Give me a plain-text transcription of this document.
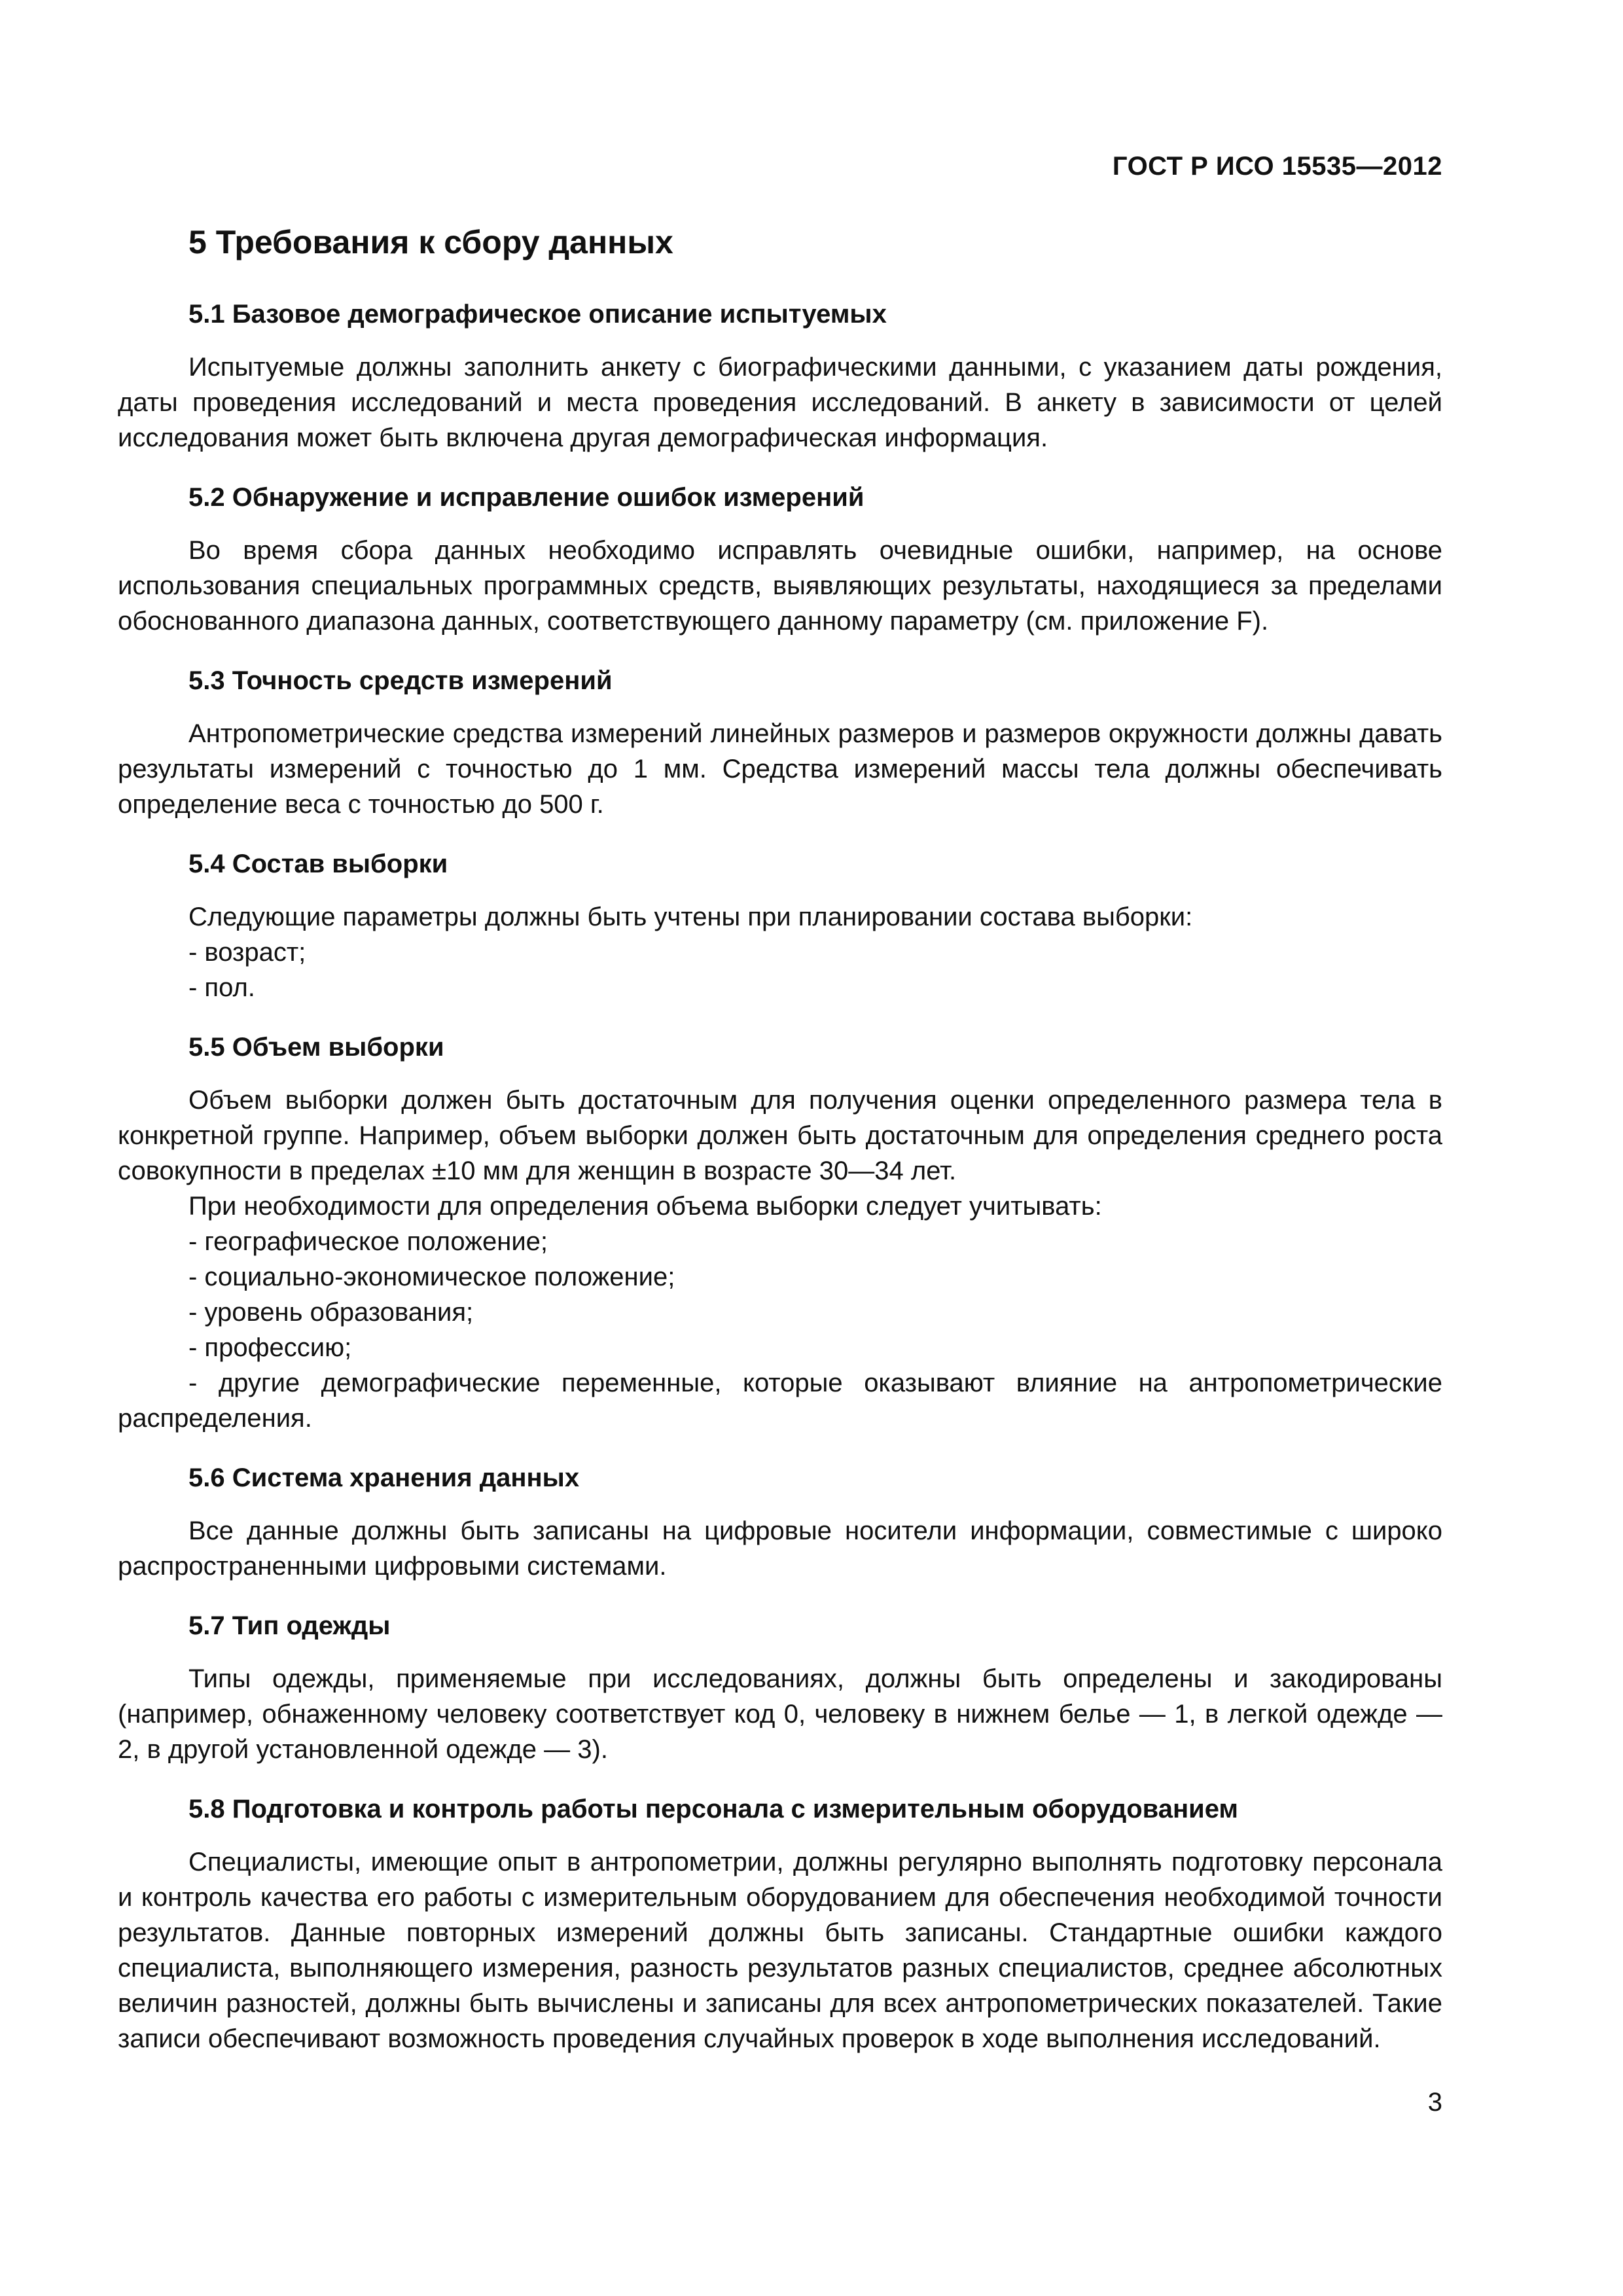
ГОСТ Р ИСО 15535—2012
5 Требования к сбору данных
5.1 Базовое демографическое описание испытуемых

Испытуемые должны заполнить анкету с биографическими данными, с указанием даты рождения, даты проведения исследований и места проведения исследований. В анкету в зависимости от целей исследования может быть включена другая демографическая информация.

5.2 Обнаружение и исправление ошибок измерений

Во время сбора данных необходимо исправлять очевидные ошибки, например, на основе использования специальных программных средств, выявляющих результаты, находящиеся за пределами обоснованного диапазона данных, соответствующего данному параметру (см. приложение F).

5.3 Точность средств измерений

Антропометрические средства измерений линейных размеров и размеров окружности должны давать результаты измерений с точностью до 1 мм. Средства измерений массы тела должны обеспечивать определение веса с точностью до 500 г.

5.4 Состав выборки

Следующие параметры должны быть учтены при планировании состава выборки:

- возраст;
- пол.
5.5 Объем выборки

Объем выборки должен быть достаточным для получения оценки определенного размера тела в конкретной группе. Например, объем выборки должен быть достаточным для определения среднего роста совокупности в пределах ±10 мм для женщин в возрасте 30—34 лет.

При необходимости для определения объема выборки следует учитывать:

- географическое положение;
- социально-экономическое положение;
- уровень образования;
- профессию;
- другие демографические переменные, которые оказывают влияние на антропометрические распределения.
5.6 Система хранения данных

Все данные должны быть записаны на цифровые носители информации, совместимые с широко распространенными цифровыми системами.

5.7 Тип одежды

Типы одежды, применяемые при исследованиях, должны быть определены и закодированы (например, обнаженному человеку соответствует код 0, человеку в нижнем белье — 1, в легкой одежде — 2, в другой установленной одежде — 3).

5.8 Подготовка и контроль работы персонала с измерительным оборудованием

Специалисты, имеющие опыт в антропометрии, должны регулярно выполнять подготовку персонала и контроль качества его работы с измерительным оборудованием для обеспечения необходимой точности результатов. Данные повторных измерений должны быть записаны. Стандартные ошибки каждого специалиста, выполняющего измерения, разность результатов разных специалистов, среднее абсолютных величин разностей, должны быть вычислены и записаны для всех антропометрических показателей. Такие записи обеспечивают возможность проведения случайных проверок в ходе выполнения исследований.

3
